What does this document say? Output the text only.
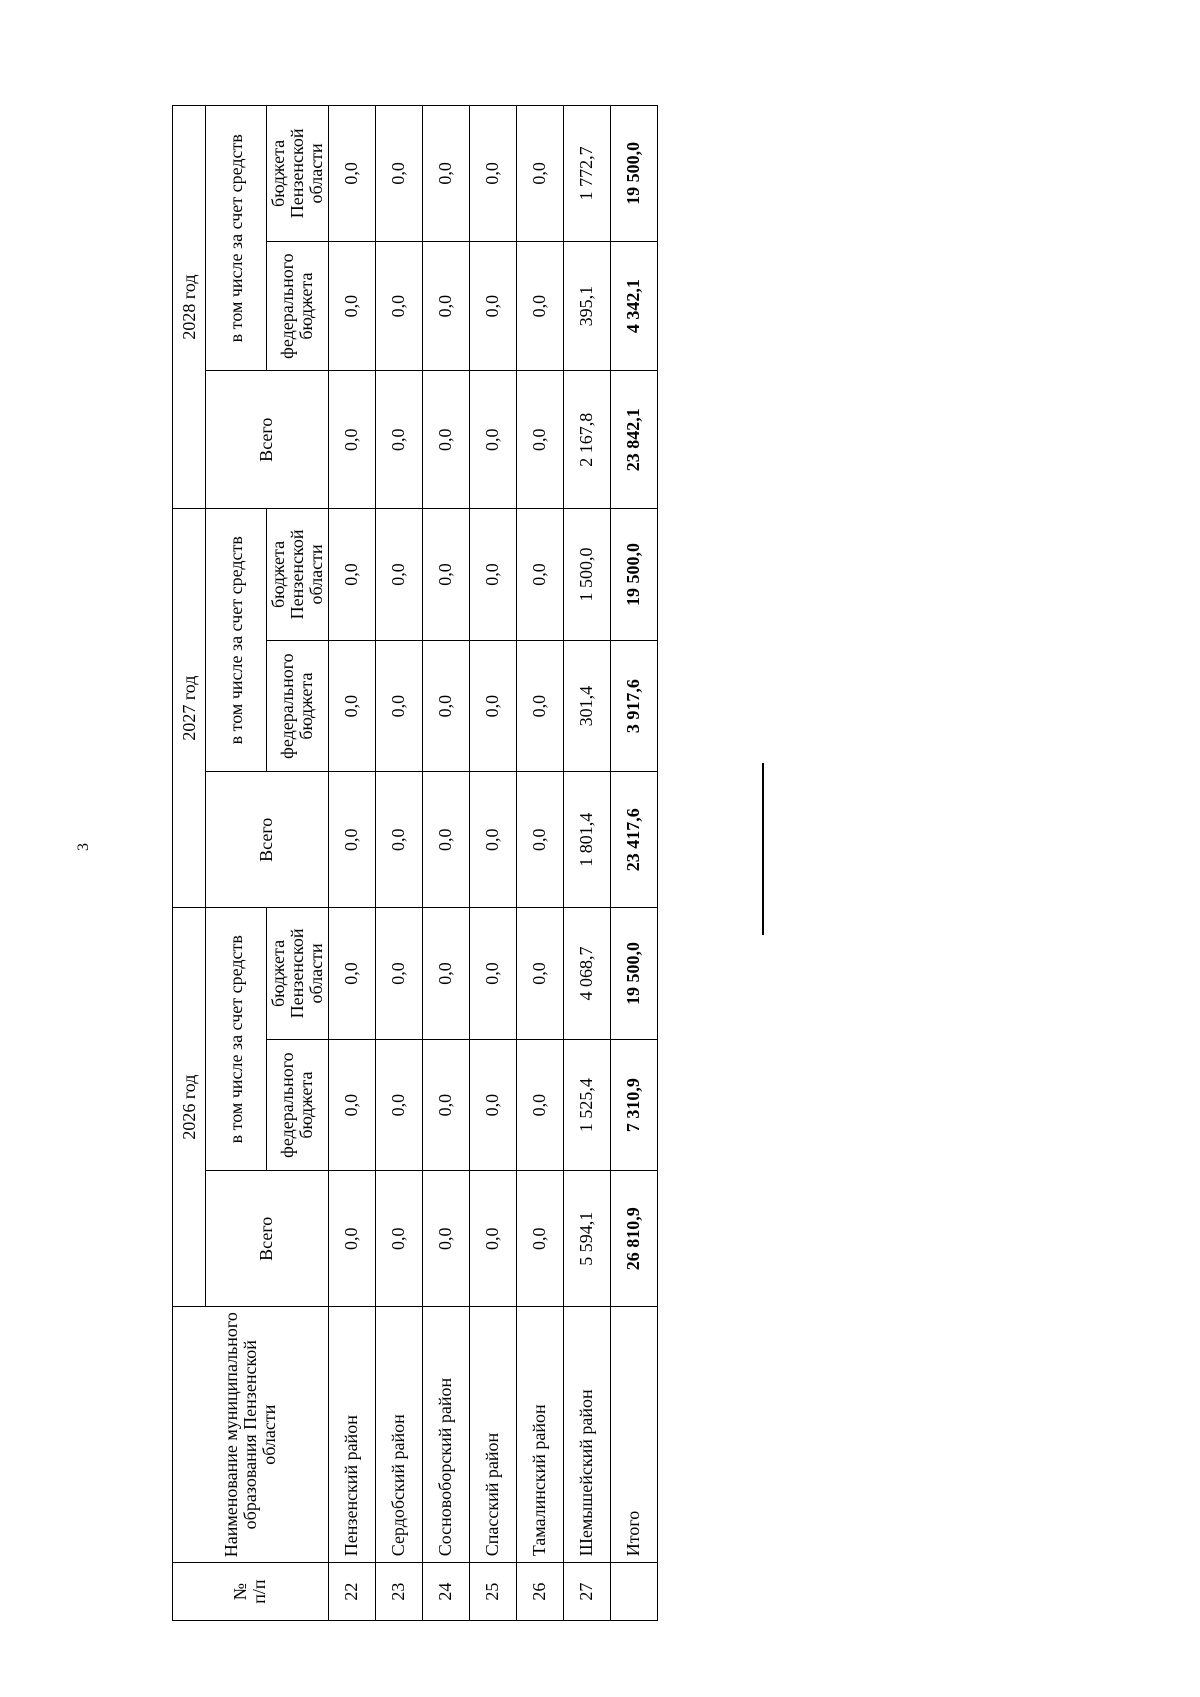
3
№
п/п	Наименование муниципального образования Пензенской области	2026 год			2027 год			2028 год		
		Всего	в том числе за счет средств		Всего	в том числе за счет средств		Всего	в том числе за счет средств	
			федерального бюджета	бюджета Пензенской области		федерального бюджета	бюджета Пензенской области		федерального бюджета	бюджета Пензенской области
22	Пензенский район	0,0	0,0	0,0	0,0	0,0	0,0	0,0	0,0	0,0
23	Сердобский район	0,0	0,0	0,0	0,0	0,0	0,0	0,0	0,0	0,0
24	Сосновоборский район	0,0	0,0	0,0	0,0	0,0	0,0	0,0	0,0	0,0
25	Спасский район	0,0	0,0	0,0	0,0	0,0	0,0	0,0	0,0	0,0
26	Тамалинский район	0,0	0,0	0,0	0,0	0,0	0,0	0,0	0,0	0,0
27	Шемышейский район	5 594,1	1 525,4	4 068,7	1 801,4	301,4	1 500,0	2 167,8	395,1	1 772,7
	Итого	26 810,9	7 310,9	19 500,0	23 417,6	3 917,6	19 500,0	23 842,1	4 342,1	19 500,0
